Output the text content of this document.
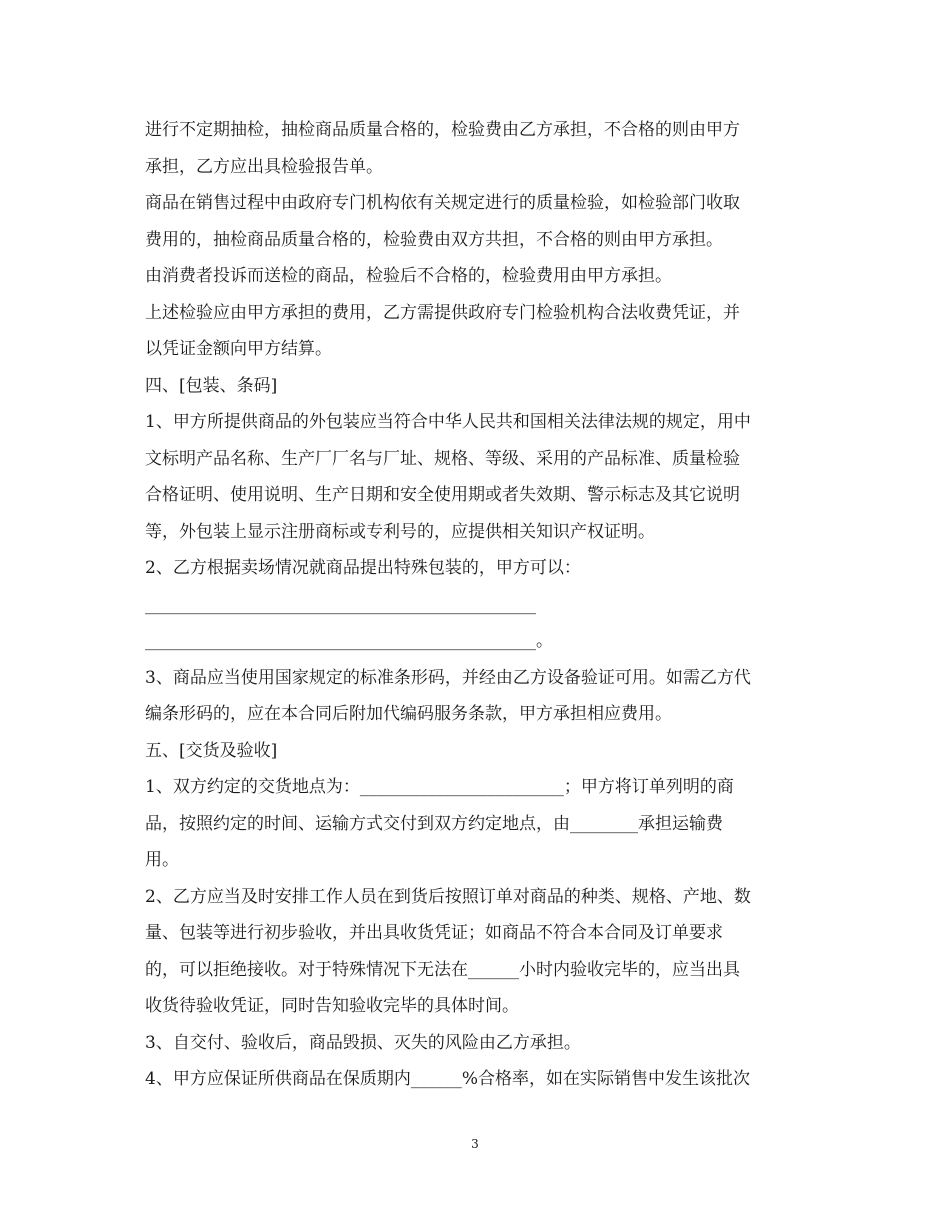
进行不定期抽检，抽检商品质量合格的，检验费由乙方承担，不合格的则由甲方
承担，乙方应出具检验报告单。
商品在销售过程中由政府专门机构依有关规定进行的质量检验，如检验部门收取
费用的，抽检商品质量合格的，检验费由双方共担，不合格的则由甲方承担。
由消费者投诉而送检的商品，检验后不合格的，检验费用由甲方承担。
上述检验应由甲方承担的费用，乙方需提供政府专门检验机构合法收费凭证，并
以凭证金额向甲方结算。
四、[包装、条码]
1、甲方所提供商品的外包装应当符合中华人民共和国相关法律法规的规定，用中
文标明产品名称、生产厂厂名与厂址、规格、等级、采用的产品标准、质量检验
合格证明、使用说明、生产日期和安全使用期或者失效期、警示标志及其它说明
等，外包装上显示注册商标或专利号的，应提供相关知识产权证明。
2、乙方根据卖场情况就商品提出特殊包装的，甲方可以：
______________________________________________
______________________________________________。
3、商品应当使用国家规定的标准条形码，并经由乙方设备验证可用。如需乙方代
编条形码的，应在本合同后附加代编码服务条款，甲方承担相应费用。
五、[交货及验收]
1、双方约定的交货地点为：________________________；甲方将订单列明的商
品，按照约定的时间、运输方式交付到双方约定地点，由________承担运输费
用。
2、乙方应当及时安排工作人员在到货后按照订单对商品的种类、规格、产地、数
量、包装等进行初步验收，并出具收货凭证；如商品不符合本合同及订单要求
的，可以拒绝接收。对于特殊情况下无法在______小时内验收完毕的，应当出具
收货待验收凭证，同时告知验收完毕的具体时间。
3、自交付、验收后，商品毁损、灭失的风险由乙方承担。
4、甲方应保证所供商品在保质期内______%合格率，如在实际销售中发生该批次
3
